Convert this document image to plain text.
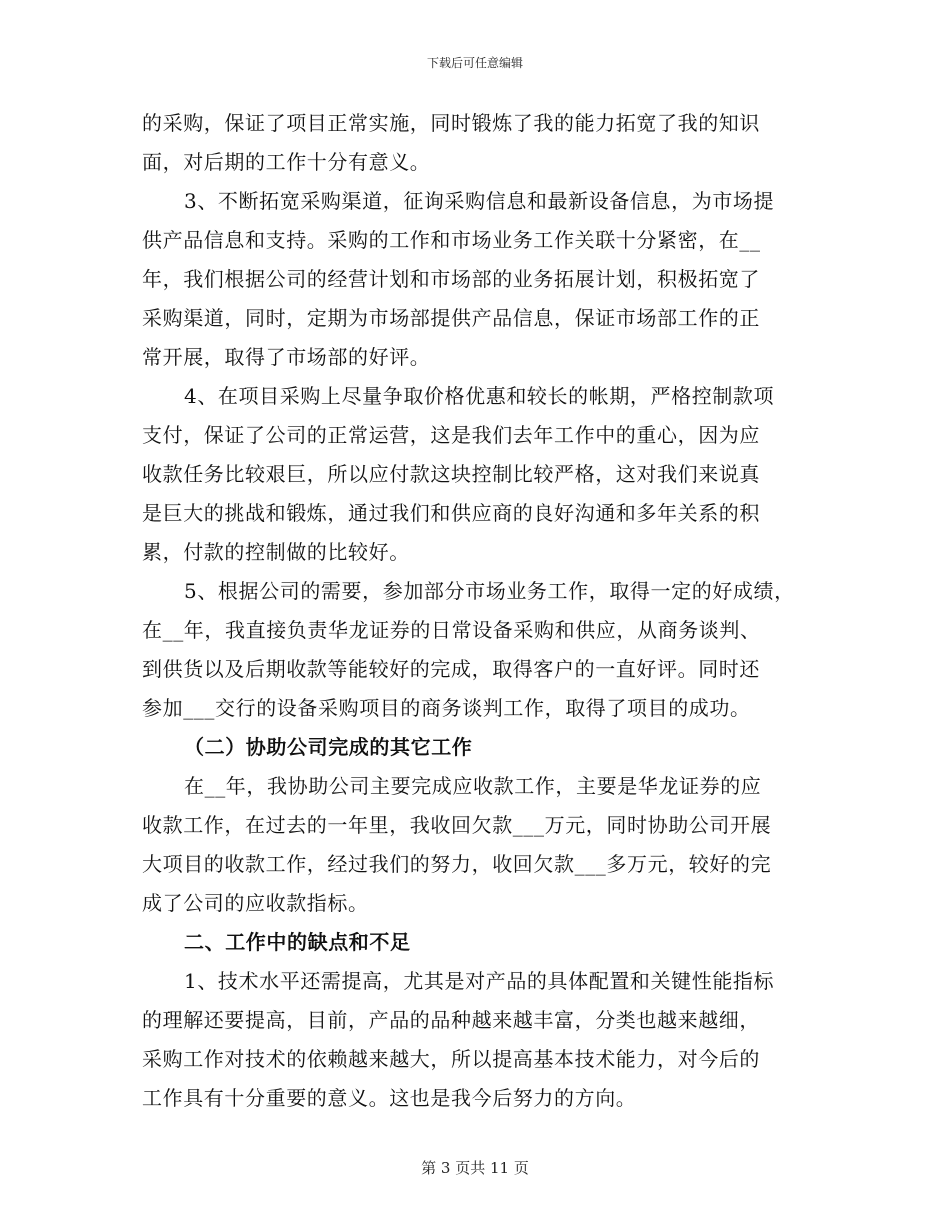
下载后可任意编辑
的采购，保证了项目正常实施，同时锻炼了我的能力拓宽了我的知识
面，对后期的工作十分有意义。
3、不断拓宽采购渠道，征询采购信息和最新设备信息，为市场提
供产品信息和支持。采购的工作和市场业务工作关联十分紧密，在__
年，我们根据公司的经营计划和市场部的业务拓展计划，积极拓宽了
采购渠道，同时，定期为市场部提供产品信息，保证市场部工作的正
常开展，取得了市场部的好评。
4、在项目采购上尽量争取价格优惠和较长的帐期，严格控制款项
支付，保证了公司的正常运营，这是我们去年工作中的重心，因为应
收款任务比较艰巨，所以应付款这块控制比较严格，这对我们来说真
是巨大的挑战和锻炼，通过我们和供应商的良好沟通和多年关系的积
累，付款的控制做的比较好。
5、根据公司的需要，参加部分市场业务工作，取得一定的好成绩，
在__年，我直接负责华龙证券的日常设备采购和供应，从商务谈判、
到供货以及后期收款等能较好的完成，取得客户的一直好评。同时还
参加___交行的设备采购项目的商务谈判工作，取得了项目的成功。
（二）协助公司完成的其它工作
在__年，我协助公司主要完成应收款工作，主要是华龙证券的应
收款工作，在过去的一年里，我收回欠款___万元，同时协助公司开展
大项目的收款工作，经过我们的努力，收回欠款___多万元，较好的完
成了公司的应收款指标。
二、工作中的缺点和不足
1、技术水平还需提高，尤其是对产品的具体配置和关键性能指标
的理解还要提高，目前，产品的品种越来越丰富，分类也越来越细，
采购工作对技术的依赖越来越大，所以提高基本技术能力，对今后的
工作具有十分重要的意义。这也是我今后努力的方向。
第 3 页共 11 页
